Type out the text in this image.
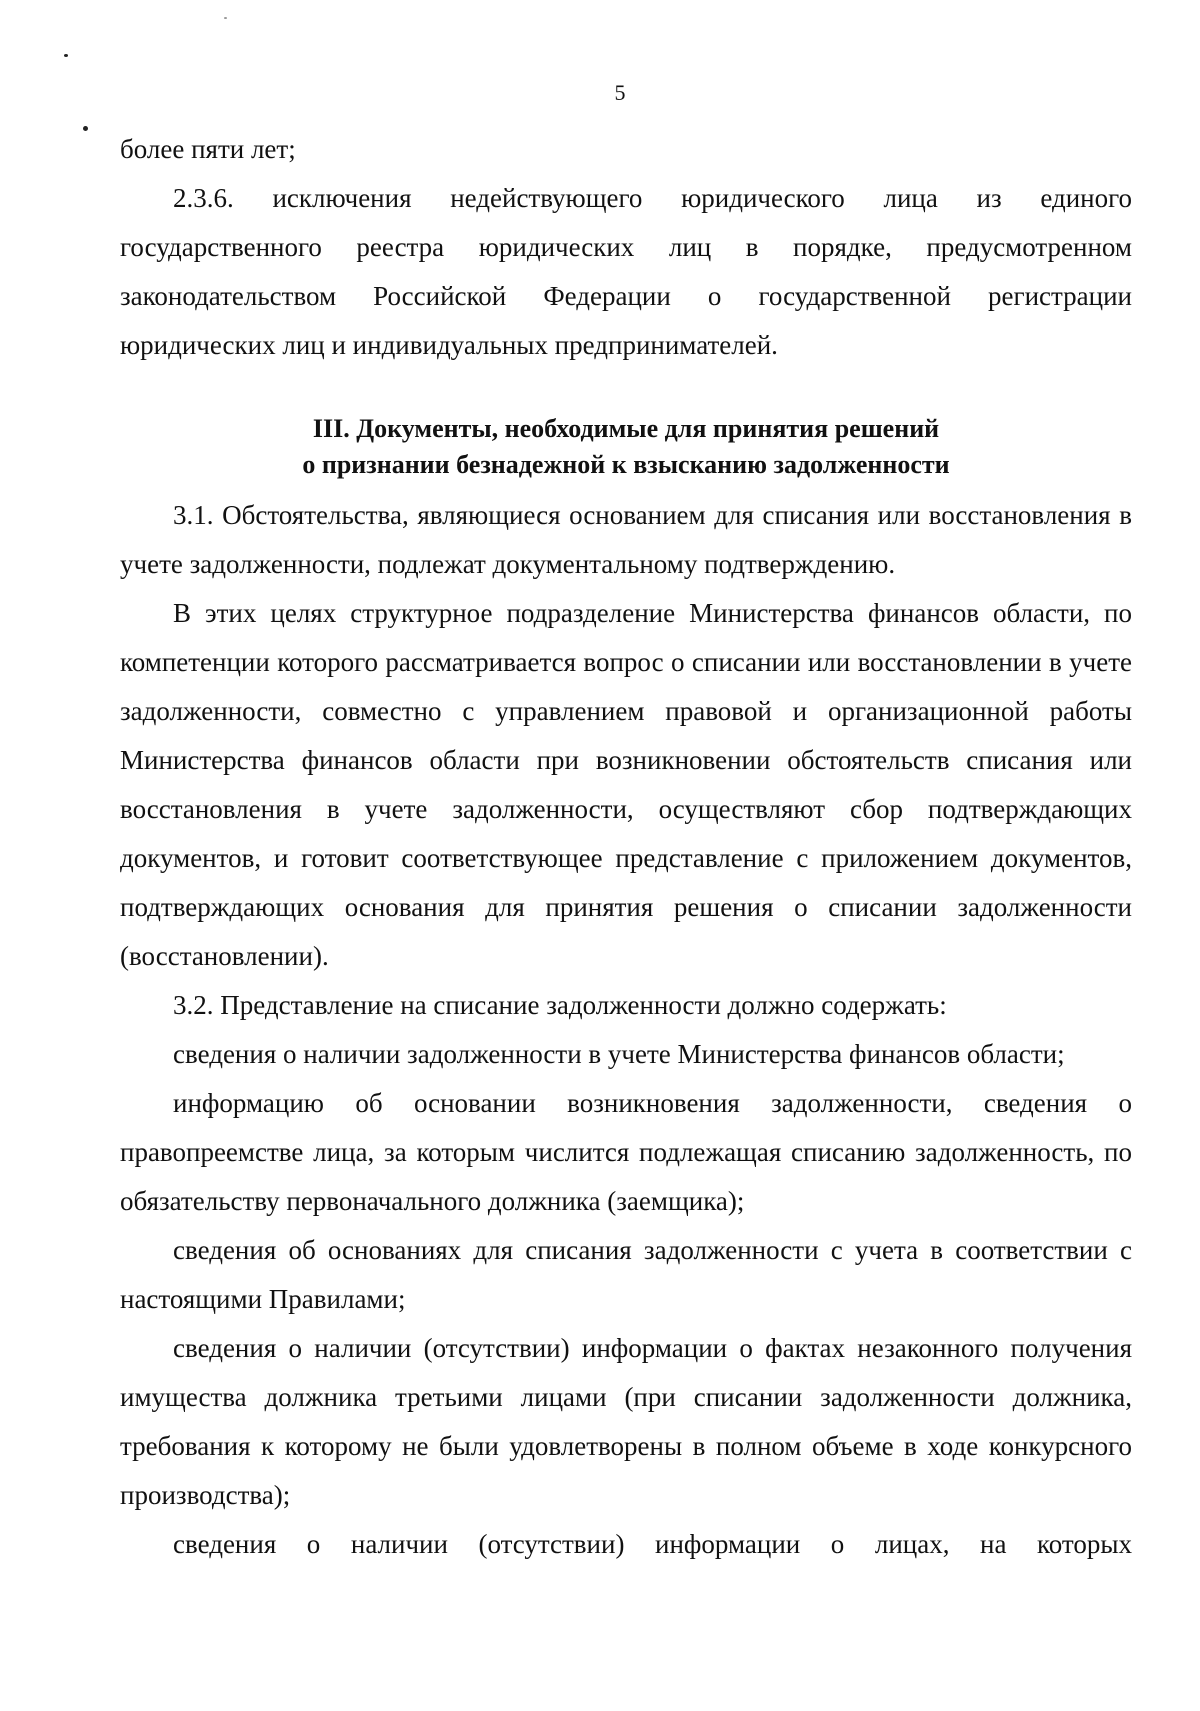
5

более пяти лет;

2.3.6. исключения недействующего юридического лица из единого государственного реестра юридических лиц в порядке, предусмотренном законодательством Российской Федерации о государственной регистрации юридических лиц и индивидуальных предпринимателей.

III. Документы, необходимые для принятия решений
о признании безнадежной к взысканию задолженности

3.1. Обстоятельства, являющиеся основанием для списания или восстановления в учете задолженности, подлежат документальному подтверждению.

В этих целях структурное подразделение Министерства финансов области, по компетенции которого рассматривается вопрос о списании или восстановлении в учете задолженности, совместно с управлением правовой и организационной работы Министерства финансов области при возникновении обстоятельств списания или восстановления в учете задолженности, осуществляют сбор подтверждающих документов, и готовит соответствующее представление с приложением документов, подтверждающих основания для принятия решения о списании задолженности (восстановлении).

3.2. Представление на списание задолженности должно содержать:

сведения о наличии задолженности в учете Министерства финансов области;

информацию об основании возникновения задолженности, сведения о правопреемстве лица, за которым числится подлежащая списанию задолженность, по обязательству первоначального должника (заемщика);

сведения об основаниях для списания задолженности с учета в соответствии с настоящими Правилами;

сведения о наличии (отсутствии) информации о фактах незаконного получения имущества должника третьими лицами (при списании задолженности должника, требования к которому не были удовлетворены в полном объеме в ходе конкурсного производства);

сведения о наличии (отсутствии) информации о лицах, на которых
